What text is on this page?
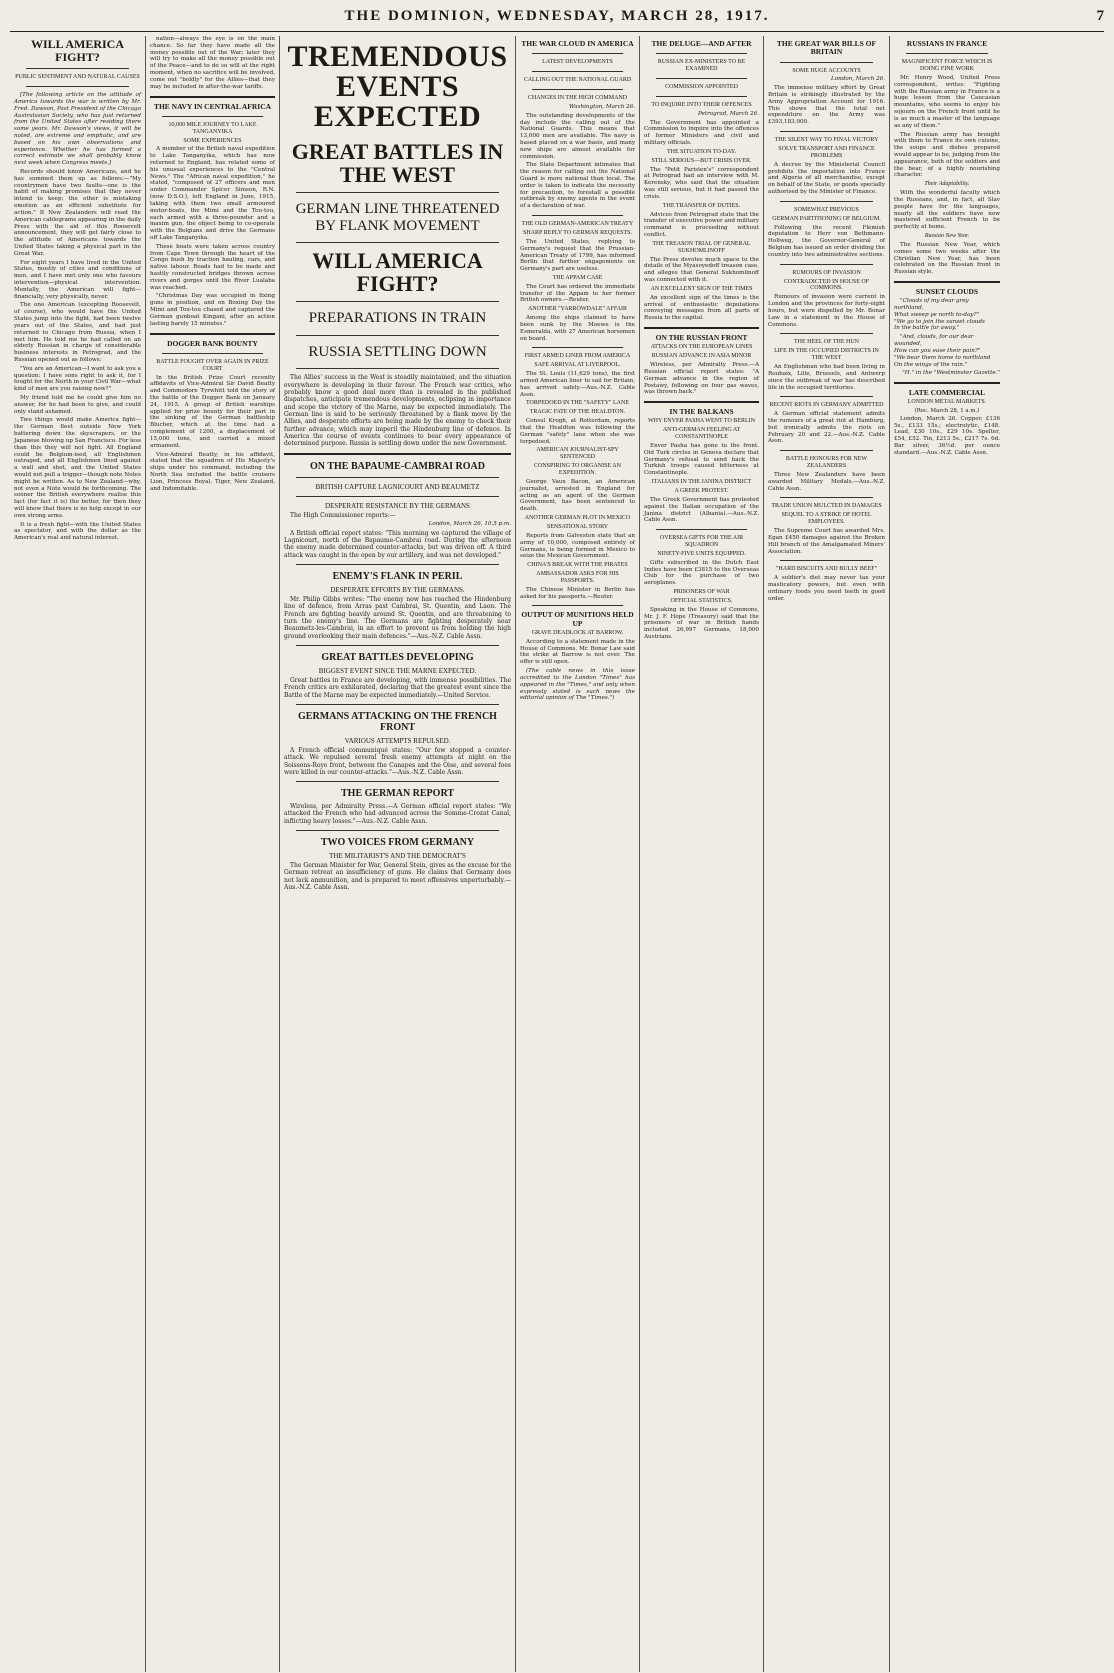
THE DOMINION, WEDNESDAY, MARCH 28, 1917.	7
WILL AMERICA FIGHT?
PUBLIC SENTIMENT AND NATURAL CAUSES

[The following article on the attitude of America towards the war is written by Mr. Fred. Dawson, Past President of the Chicago Australasian Society, who has just returned from the United States after residing there some years. Mr. Dawson's views, it will be noted, are extreme and emphatic, and are based on his own observations and experience. Whether he has formed a correct estimate we shall probably know next week when Congress meets.]

Records should know Americans, and he has summed them up as follows:—"My countrymen have two faults—one is the habit of making promises that they never intend to keep; the other is mistaking emotion as an efficient substitute for action." If New Zealanders will read the American cablegrams appearing in the daily Press with the aid of this Roosevelt announcement, they will get fairly close to the attitude of Americans towards the United States taking a physical part in the Great War.

For eight years I have lived in the United States, mostly of cities and conditions of men, and I have met only one who favours intervention—physical intervention. Mentally, the American will fight—financially, very physically, never.

The one American (excepting Roosevelt, of course), who would have the United States jump into the fight, had been twelve years out of the States, and had just returned to Chicago from Russia, when I met him. He told me he had called on an elderly Russian in charge of considerable business interests in Petrograd, and the Russian opened out as follows:

"You are an American—I want to ask you a question: I have sons right to ask it, for I fought for the North in your Civil War—what kind of men are you raising now?"

My friend told me he could give him no answer, for he had been to give, and could only stand ashamed.

Two things would make America fight—the German fleet outside New York battering down the skyscrapers, or the Japanese blowing up San Francisco. For less than this they will not fight. All England could be Belgium-ised, all Englishmen outraged, and all Englishmen lined against a wall and shot, and the United States would not pull a trigger—though note Notes might be written. As to New Zealand—why, not even a Note would be forthcoming. The sooner the British everywhere realise this fact (for fact it is) the better, for then they will know that there is no help except in our own strong arms.

It is a fresh fight—with the United States as spectator, and with the dollar as the American's real and natural interest.

nation—always the eye is on the main chance. So far they have made all the money possible out of the War; later they will try to make all the money possible out of the Peace—and to do so will at the right moment, when no sacrifice will be involved, come out "boldly" for the Allies—that they may be included in after-the-war tariffs.

THE NAVY IN CENTRAL AFRICA
10,000 MILE JOURNEY TO LAKE TANGANYIKA
SOME EXPERIENCES

A member of the British naval expedition to Lake Tanganyika, which has now returned to England, has related some of his unusual experiences to the "Central News." The "African naval expedition," he stated, "composed of 27 officers and men under Commander Spicer Simson, R.N. (now D.S.O.), left England in June, 1915, taking with them two small armoured motor-boats, the Mimi and the Tou-tou, each armed with a three-pounder and a maxim gun, the object being to co-operate with the Belgians and drive the Germans off Lake Tanganyika.

These boats were taken across country from Cape Town through the heart of the Congo bush by traction hauling, cars, and native labour. Roads had to be made and hastily constructed bridges thrown across rivers and gorges until the River Lualaba was reached.

"Christmas Day was occupied in fixing guns in position, and on Boxing Day the Mimi and Tou-tou chased and captured the German gunboat Kingani, after an action lasting barely 15 minutes."

DOGGER BANK BOUNTY
BATTLE FOUGHT OVER AGAIN IN PRIZE COURT

In the British Prize Court recently affidavits of Vice-Admiral Sir David Beatty and Commodore Tyrwhitt told the story of the battle of the Dogger Bank on January 24, 1915. A group of British warships applied for prize bounty for their part in the sinking of the German battleship Blucher, which at the time had a complement of 1200, a displacement of 15,000 tons, and carried a mixed armament.

Vice-Admiral Beatty, in his affidavit, stated that the squadron of His Majesty's ships under his command, including the North Sea included the battle cruisers Lion, Princess Royal, Tiger, New Zealand, and Indomitable.

TREMENDOUS EVENTS EXPECTED
GREAT BATTLES IN THE WEST
GERMAN LINE THREATENED BY FLANK MOVEMENT
WILL AMERICA FIGHT?
PREPARATIONS IN TRAIN
RUSSIA SETTLING DOWN

The Allies' success in the West is steadily maintained, and the situation everywhere is developing in their favour. The French war critics, who probably know a good deal more than is revealed in the published dispatches, anticipate tremendous developments, eclipsing in importance and scope the victory of the Marne, may be expected immediately. The German line is said to be seriously threatened by a flank move by the Allies, and desperate efforts are being made by the enemy to check their further advance, which may imperil the Hindenburg line of defence. In America the course of events continues to bear every appearance of determined purpose. Russia is settling down under the new Government.

ON THE BAPAUME-CAMBRAI ROAD
BRITISH CAPTURE LAGNICOURT AND BEAUMETZ
DESPERATE RESISTANCE BY THE GERMANS

The High Commissioner reports:—

London, March 26, 10.5 p.m.

A British official report states: "This morning we captured the village of Lagnicourt, north of the Bapaume-Cambrai road. During the afternoon the enemy made determined counter-attacks, but was driven off. A third attack was caught in the open by our artillery, and was not developed."

ENEMY'S FLANK IN PERIL
DESPERATE EFFORTS BY THE GERMANS.

Mr. Philip Gibbs writes: "The enemy now has reached the Hindenburg line of defence, from Arras past Cambrai, St. Quentin, and Laon. The French are fighting heavily around St. Quentin, and are threatening to turn the enemy's line. The Germans are fighting desperately near Beaumetz-les-Cambrai, in an effort to prevent us from holding the high ground overlooking their main defences."—Aus.-N.Z. Cable Assn.

GREAT BATTLES DEVELOPING
BIGGEST EVENT SINCE THE MARNE EXPECTED.

Great battles in France are developing, with immense possibilities. The French critics are exhilarated, declaring that the greatest event since the Battle of the Marne may be expected immediately.—United Service.

GERMANS ATTACKING ON THE FRENCH FRONT
VARIOUS ATTEMPTS REPULSED.

A French official communiqué states: "Our few stopped a counter-attack. We repulsed several fresh enemy attempts at night on the Soissons-Roye front, between the Canapes and the Oise, and several foes were killed in our counter-attacks."—Aus.-N.Z. Cable Assn.

THE GERMAN REPORT

Wireless, per Admiralty Press.—A German official report states: "We attacked the French who had advanced across the Somme-Crozat Canal, inflicting heavy losses."—Aus.-N.Z. Cable Assn.

TWO VOICES FROM GERMANY
THE MILITARIST'S AND THE DEMOCRAT'S

The German Minister for War, General Stein, gives as the excuse for the German retreat an insufficiency of guns. He claims that Germany does not lack ammunition, and is prepared to meet offensives unperturbably.—Aus.-N.Z. Cable Assn.

THE WAR CLOUD IN AMERICA
LATEST DEVELOPMENTS
CALLING OUT THE NATIONAL GUARD
CHANGES IN THE HIGH COMMAND
Washington, March 26.

The outstanding developments of the day include the calling out of the National Guards. This means that 13,000 men are available. The navy is based placed on a war basis, and many new ships are almost available for commission.

The State Department intimates that the reason for calling out the National Guard is more national than local. The order is taken to indicate the necessity for precaution, to forestall a possible outbreak by enemy agents in the event of a declaration of war.

THE OLD GERMAN-AMERICAN TREATY
SHARP REPLY TO GERMAN REQUESTS.

The United States, replying to Germany's request that the Prussian-American Treaty of 1799, has informed Berlin that further engagements on Germany's part are useless.

THE APPAM CASE

The Court has ordered the immediate transfer of the Appam to her former British owners.—Reuter.

ANOTHER "YARROWDALE" AFFAIR

Among the ships claimed to have been sunk by the Moewe is the Esmeralda, with 27 American horsemen on board.

FIRST ARMED LINER FROM AMERICA
SAFE ARRIVAL AT LIVERPOOL.

The St. Louis (11,629 tons), the first armed American liner to sail for Britain, has arrived safely.—Aus.-N.Z. Cable Assn.

TORPEDOED IN THE "SAFETY" LANE
TRAGIC FATE OF THE HEALDTON.

Consul Krogh, at Rotterdam, reports that the Healdton was following the German "safety" lane when she was torpedoed.

AMERICAN JOURNALIST-SPY SENTENCED
CONSPIRING TO ORGANISE AN EXPEDITION.

George Vaux Bacon, an American journalist, arrested in England for acting as an agent of the German Government, has been sentenced to death.

ANOTHER GERMAN PLOT IN MEXICO
SENSATIONAL STORY

Reports from Galveston state that an army of 10,000, composed entirely of Germans, is being formed in Mexico to seize the Mexican Government.

CHINA'S BREAK WITH THE PIRATES
AMBASSADOR ASKS FOR HIS PASSPORTS.

The Chinese Minister in Berlin has asked for his passports.—Reuter.

OUTPUT OF MUNITIONS HELD UP
GRAVE DEADLOCK AT BARROW.

According to a statement made in the House of Commons, Mr. Bonar Law said the strike at Barrow is not over. The offer is still open.

(The cable news in this issue accredited to the London "Times" has appeared in the "Times," and only when expressly stated is such news the editorial opinion of The "Times.")

THE DELUGE—AND AFTER
RUSSIAN EX-MINISTERS TO BE EXAMINED
COMMISSION APPOINTED
TO INQUIRE INTO THEIR OFFENCES
Petrograd, March 26.

The Government has appointed a Commission to inquire into the offences of former Ministers and civil and military officials.

THE SITUATION TO-DAY.
STILL SERIOUS—BUT CRISIS OVER.

The "Petit Parisien's" correspondent at Petrograd had an interview with M. Kerensky, who said that the situation was still serious, but it had passed the crisis.

THE TRANSFER OF DUTIES.

Advices from Petrograd state that the transfer of executive power and military command is proceeding without conflict.

THE TREASON TRIAL OF GENERAL SUKHOMLINOFF

The Press devotes much space to the details of the Myasoyedoff treason case, and alleges that General Sukhomlinoff was connected with it.

AN EXCELLENT SIGN OF THE TIMES

An excellent sign of the times is the arrival of enthusiastic deputations conveying messages from all parts of Russia to the capital.

ON THE RUSSIAN FRONT
ATTACKS ON THE EUROPEAN LINES
RUSSIAN ADVANCE IN ASIA MINOR

Wireless, per Admiralty Press.—A Russian official report states: "A German advance in the region of Postawy, following on four gas waves, was thrown back."

IN THE BALKANS
WHY ENVER PASHA WENT TO BERLIN
ANTI-GERMAN FEELING AT CONSTANTINOPLE

Enver Pasha has gone to the front. Old Turk circles in Geneva declare that Germany's refusal to send back the Turkish troops caused bitterness at Constantinople.

ITALIANS IN THE JANINA DISTRICT
A GREEK PROTEST.

The Greek Government has protested against the Italian occupation of the Janina district (Albania).—Aus.-N.Z. Cable Assn.

OVERSEA GIFTS FOR THE AIR SQUADRON
NINETY-FIVE UNITS EQUIPPED.

Gifts subscribed in the Dutch East Indies have been £3815 to the Overseas Club for the purchase of two aeroplanes.

PRISONERS OF WAR
OFFICIAL STATISTICS.

Speaking in the House of Commons, Mr. J. F. Hope (Treasury) said that the prisoners of war in British hands included 26,997 Germans, 18,000 Austrians.

THE GREAT WAR BILLS OF BRITAIN
SOME HUGE ACCOUNTS
London, March 26.

The immense military effort by Great Britain is strikingly illustrated by the Army Appropriation Account for 1916. This shows that the total net expenditure on the Army was £393,183,000.

THE SILENT WAY TO FINAL VICTORY
SOLVE TRANSPORT AND FINANCE PROBLEMS

A decree by the Ministerial Council prohibits the importation into France and Algeria of all merchandise, except on behalf of the State, or goods specially authorised by the Minister of Finance.

SOMEWHAT PREVIOUS
GERMAN PARTITIONING OF BELGIUM.

Following the recent Flemish deputation to Herr von Bethmann-Hollweg, the Governor-General of Belgium has issued an order dividing the country into two administrative sections.

RUMOURS OF INVASION
CONTRADICTED IN HOUSE OF COMMONS.

Rumours of invasion were current in London and the provinces for forty-eight hours, but were dispelled by Mr. Bonar Law in a statement in the House of Commons.

THE HEEL OF THE HUN
LIFE IN THE OCCUPIED DISTRICTS IN THE WEST

An Englishman who had been living in Roubaix, Lille, Brussels, and Antwerp since the outbreak of war has described life in the occupied territories.

RECENT RIOTS IN GERMANY ADMITTED

A German official statement admits the rumours of a great riot at Hamburg, but ironically admits the riots on February 20 and 22.—Aus.-N.Z. Cable Assn.

BATTLE HONOURS FOR NEW ZEALANDERS

Three New Zealanders have been awarded Military Medals.—Aus.-N.Z. Cable Assn.

TRADE UNION MULCTED IN DAMAGES
SEQUEL TO A STRIKE OF HOTEL EMPLOYEES.

The Supreme Court has awarded Mrs. Egan £450 damages against the Broken Hill branch of the Amalgamated Miners' Association.

"HARD BISCUITS AND BULLY BEEF"

A soldier's diet may never tax your masticatory powers, but even with ordinary foods you need teeth in good order.

RUSSIANS IN FRANCE
MAGNIFICENT FORCE WHICH IS DOING FINE WORK

Mr. Henry Wood, United Press correspondent, writes: "Fighting with the Russian army in France is a huge lesson from the Caucasian mountains, who seems to enjoy his sojourn on the French front until he is as much a master of the language as any of them."

The Russian army has brought with them to France its own cuisine, the soups and dishes prepared would appear to be, judging from the appearance, both of the soldiers and the bear, of a highly nourishing character.

Their Adaptability.

With the wonderful faculty which the Russians, and, in fact, all Slav people have for the languages, nearly all the soldiers have now mastered sufficient French to be perfectly at home.

Russian New Year.

The Russian New Year, which comes some two weeks after the Christian New Year, has been celebrated on the Russian front in Russian style.

SUNSET CLOUDS

"Clouds of my dear grey northland,
What sweep ye north to-day?"
"We go to join the sunset clouds
In the battle far away."

"And, clouds, for our dear wounded,
How can you ease their pain?"
"We bear them home to northland
On the wings of the rain."

"H." in the "Westminster Gazette."
LATE COMMERCIAL
LONDON METAL MARKETS.
(Rec. March 28, 1 a.m.)

London, March 26. Copper, £136 5s., £133 15s.; electrolytic, £148. Lead, £30 10s., £29 10s. Spelter, £54, £52. Tin, £213 5s., £217 7s. 6d. Bar silver, 36½d. per ounce standard.—Aus.-N.Z. Cable Assn.
